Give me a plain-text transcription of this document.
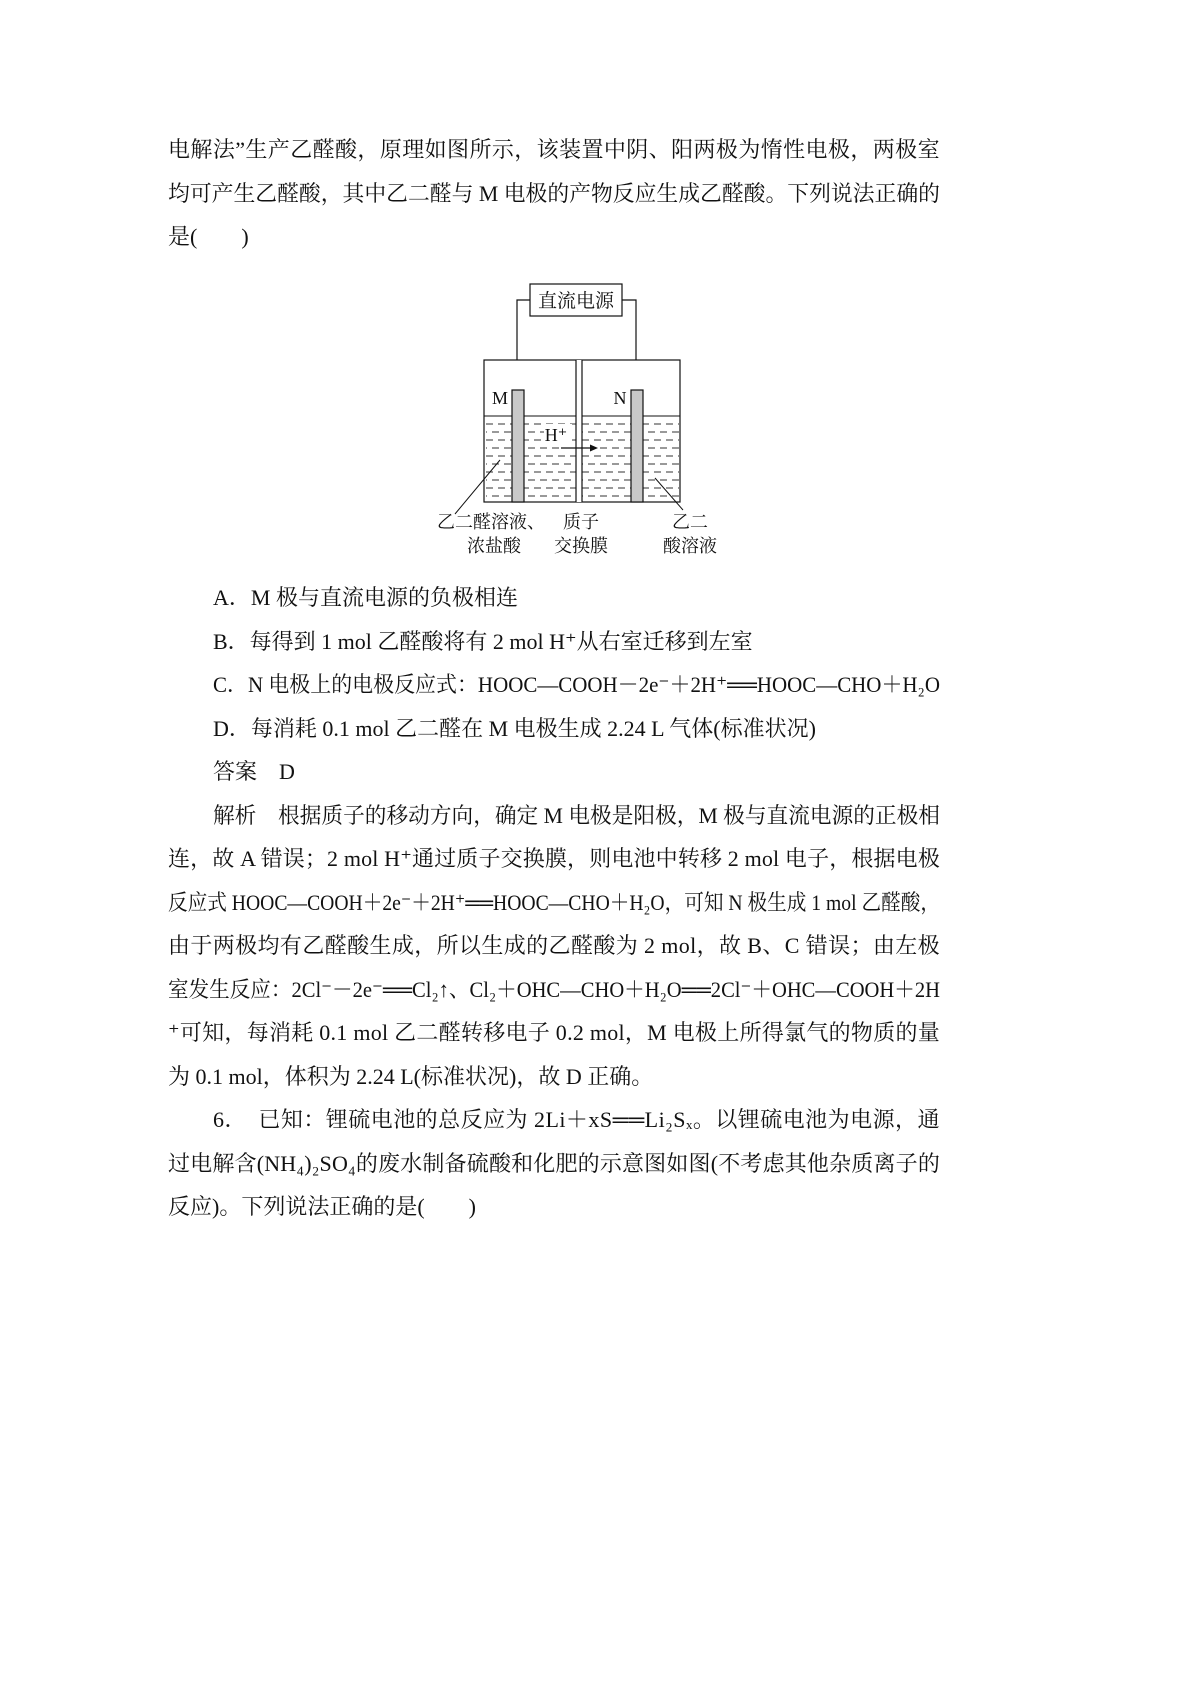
电解法”生产乙醛酸，原理如图所示，该装置中阴、阳两极为惰性电极，两极室
均可产生乙醛酸，其中乙二醛与 M 电极的产物反应生成乙醛酸。下列说法正确的
是(　　)
直流电源
M	N
H⁺
乙二醛溶液、
浓盐酸
质子
交换膜
乙二
酸溶液
A．M 极与直流电源的负极相连
B．每得到 1 mol 乙醛酸将有 2 mol H⁺从右室迁移到左室
C．N 电极上的电极反应式：HOOC—COOH－2e⁻＋2H⁺══HOOC—CHO＋H₂O
D．每消耗 0.1 mol 乙二醛在 M 电极生成 2.24 L 气体(标准状况)
答案　D
解析　根据质子的移动方向，确定 M 电极是阳极，M 极与直流电源的正极相
连，故 A 错误；2 mol H⁺通过质子交换膜，则电池中转移 2 mol 电子，根据电极
反应式 HOOC—COOH＋2e⁻＋2H⁺══HOOC—CHO＋H₂O，可知 N 极生成 1 mol 乙醛酸，
由于两极均有乙醛酸生成，所以生成的乙醛酸为 2 mol，故 B、C 错误；由左极
室发生反应：2Cl⁻－2e⁻══Cl₂↑、Cl₂＋OHC—CHO＋H₂O══2Cl⁻＋OHC—COOH＋2H
⁺可知，每消耗 0.1 mol 乙二醛转移电子 0.2 mol，M 电极上所得氯气的物质的量
为 0.1 mol，体积为 2.24 L(标准状况)，故 D 正确。
6．　已知：锂硫电池的总反应为 2Li＋xS══Li₂Sₓ。以锂硫电池为电源，通
过电解含(NH₄)₂SO₄的废水制备硫酸和化肥的示意图如图(不考虑其他杂质离子的
反应)。下列说法正确的是(　　)
